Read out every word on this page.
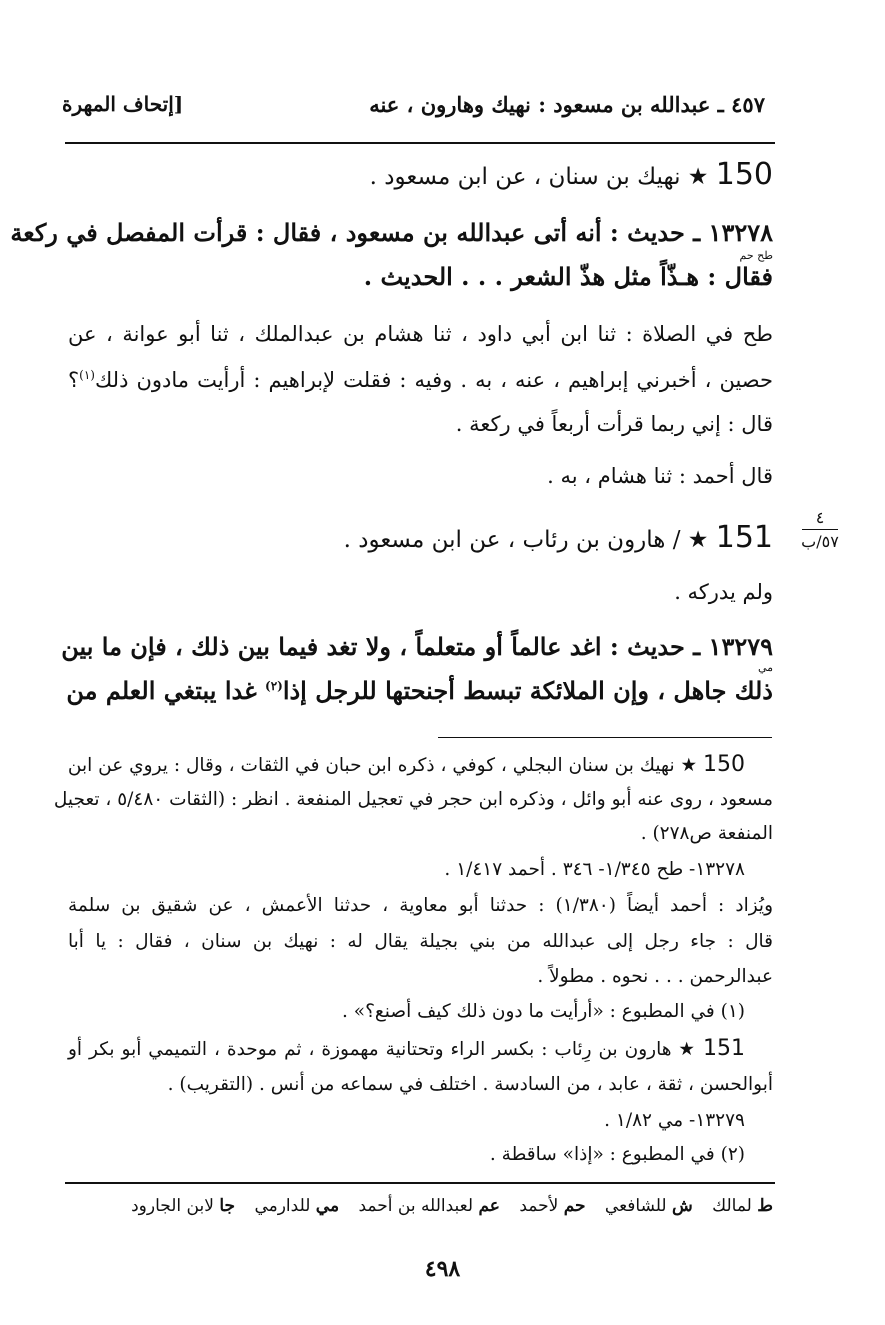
٤٥٧ ـ عبدالله بن مسعود : نهيك وهارون ، عنه
[إتحاف المهرة
150 ★ نهيك بن سنان ، عن ابن مسعود .
١٣٢٧٨ ـ حديث : أنه أتى عبدالله بن مسعود ، فقال : قرأت المفصل في ركعة
طح حم
فقال : هـذّاً مثل هذّ الشعر . . . الحديث .
طح في الصلاة : ثنا ابن أبي داود ، ثنا هشام بن عبدالملك ، ثنا أبو عوانة ، عن
حصين ، أخبرني إبراهيم ، عنه ، به . وفيه : فقلت لإبراهيم : أرأيت مادون ذلك$^{(١)}$؟
قال : إني ربما قرأت أربعاً في ركعة .
قال أحمد : ثنا هشام ، به .
151 ★ / هارون بن رئاب ، عن ابن مسعود .
٤
٥٧/ب
ولم يدركه .
١٣٢٧٩ ـ حديث : اغد عالماً أو متعلماً ، ولا تغد فيما بين ذلك ، فإن ما بين
مي
ذلك جاهل ، وإن الملائكة تبسط أجنحتها للرجل إذا$^{(٢)}$ غدا يبتغي العلم من
150 ★ نهيك بن سنان البجلي ، كوفي ، ذكره ابن حبان في الثقات ، وقال : يروي عن ابن
مسعود ، روى عنه أبو وائل ، وذكره ابن حجر في تعجيل المنفعة . انظر : (الثقات ٥/٤٨٠ ، تعجيل
المنفعة ص٢٧٨) .
١٣٢٧٨- طح ١/٣٤٥- ٣٤٦ . أحمد ١/٤١٧ .
ويُزاد : أحمد أيضاً (١/٣٨٠) : حدثنا أبو معاوية ، حدثنا الأعمش ، عن شقيق بن سلمة
قال : جاء رجل إلى عبدالله من بني بجيلة يقال له : نهيك بن سنان ، فقال : يا أبا
عبدالرحمن . . . نحوه . مطولاً .
(١) في المطبوع : «أرأيت ما دون ذلك كيف أصنع؟» .
151 ★ هارون بن رِئاب : بكسر الراء وتحتانية مهموزة ، ثم موحدة ، التميمي أبو بكر أو
أبوالحسن ، ثقة ، عابد ، من السادسة . اختلف في سماعه من أنس . (التقريب) .
١٣٢٧٩- مي ١/٨٢ .
(٢) في المطبوع : «إذا» ساقطة .
ط لمالك ش للشافعي حم لأحمد عم لعبدالله بن أحمد مي للدارمي جا لابن الجارود
٤٩٨
